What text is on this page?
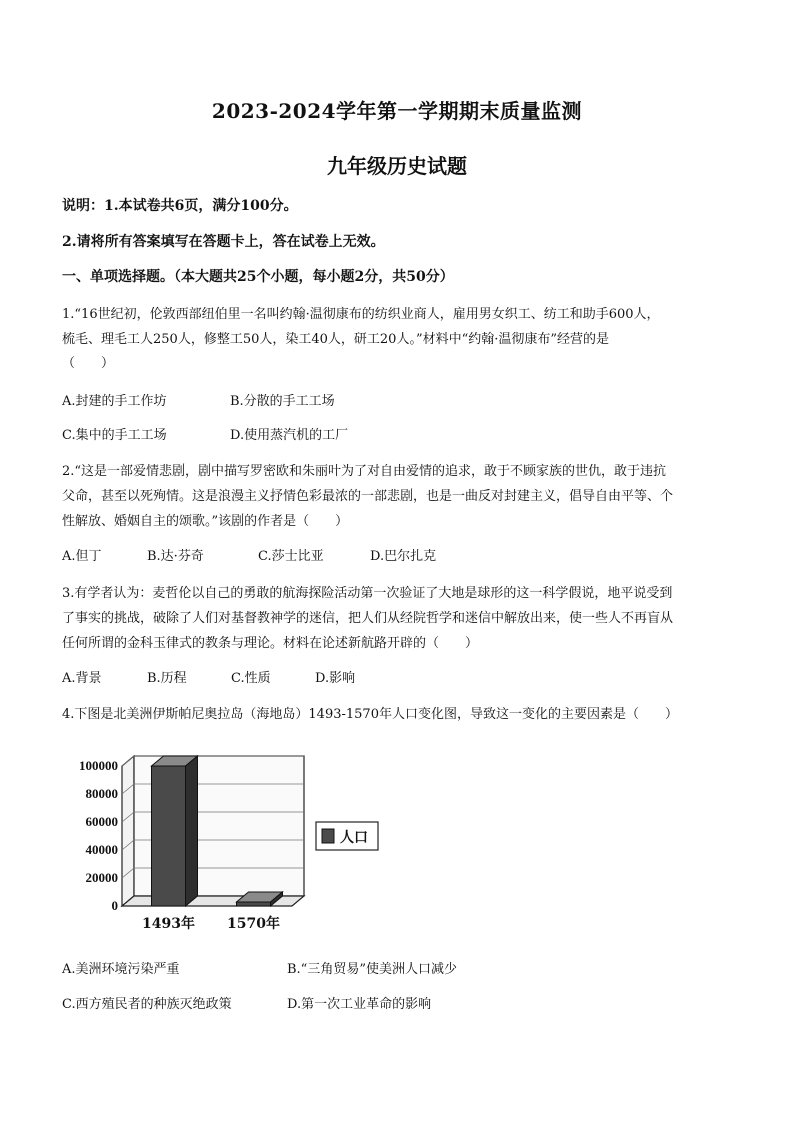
2023-2024学年第一学期期末质量监测
九年级历史试题
说明：1.本试卷共6页，满分100分。
2.请将所有答案填写在答题卡上，答在试卷上无效。
一、单项选择题。（本大题共25个小题，每小题2分，共50分）
1.“16世纪初，伦敦西部纽伯里一名叫约翰·温彻康布的纺织业商人，雇用男女织工、纺工和助手600人，
梳毛、理毛工人250人，修整工50人，染工40人，研工20人。”材料中“约翰·温彻康布”经营的是
（　　）
A.封建的手工作坊	B.分散的手工工场
C.集中的手工工场	D.使用蒸汽机的工厂
2.“这是一部爱情悲剧，剧中描写罗密欧和朱丽叶为了对自由爱情的追求，敢于不顾家族的世仇，敢于违抗
父命，甚至以死殉情。这是浪漫主义抒情色彩最浓的一部悲剧，也是一曲反对封建主义，倡导自由平等、个
性解放、婚姻自主的颂歌。”该剧的作者是（　　）
A.但丁	B.达·芬奇	C.莎士比亚	D.巴尔扎克
3.有学者认为：麦哲伦以自己的勇敢的航海探险活动第一次验证了大地是球形的这一科学假说，地平说受到
了事实的挑战，破除了人们对基督教神学的迷信，把人们从经院哲学和迷信中解放出来，使一些人不再盲从
任何所谓的金科玉律式的教条与理论。材料在论述新航路开辟的（　　）
A.背景	B.历程	C.性质	D.影响
4.下图是北美洲伊斯帕尼奥拉岛（海地岛）1493-1570年人口变化图，导致这一变化的主要因素是（　　）
0
20000
40000
60000
80000
100000
1493年 1570年
人口
A.美洲环境污染严重	B.“三角贸易”使美洲人口减少
C.西方殖民者的种族灭绝政策	D.第一次工业革命的影响
